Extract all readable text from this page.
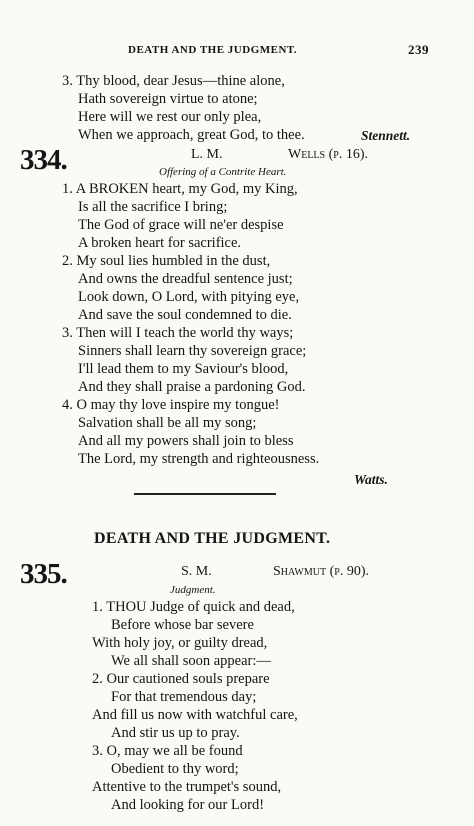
DEATH AND THE JUDGMENT.	239
3. Thy blood, dear Jesus—thine alone,
Hath sovereign virtue to atone;
Here will we rest our only plea,
When we approach, great God, to thee.	Stennett.
334.	L. M.	Wells (p. 16).
Offering of a Contrite Heart.
1. A BROKEN heart, my God, my King,
Is all the sacrifice I bring;
The God of grace will ne'er despise
A broken heart for sacrifice.
2. My soul lies humbled in the dust,
And owns the dreadful sentence just;
Look down, O Lord, with pitying eye,
And save the soul condemned to die.
3. Then will I teach the world thy ways;
Sinners shall learn thy sovereign grace;
I'll lead them to my Saviour's blood,
And they shall praise a pardoning God.
4. O may thy love inspire my tongue!
Salvation shall be all my song;
And all my powers shall join to bless
The Lord, my strength and righteousness.
Watts.
DEATH AND THE JUDGMENT.
335.	S. M.	Shawmut (p. 90).
Judgment.
1. THOU Judge of quick and dead,
Before whose bar severe
With holy joy, or guilty dread,
We all shall soon appear:—
2. Our cautioned souls prepare
For that tremendous day;
And fill us now with watchful care,
And stir us up to pray.
3. O, may we all be found
Obedient to thy word;
Attentive to the trumpet's sound,
And looking for our Lord!
